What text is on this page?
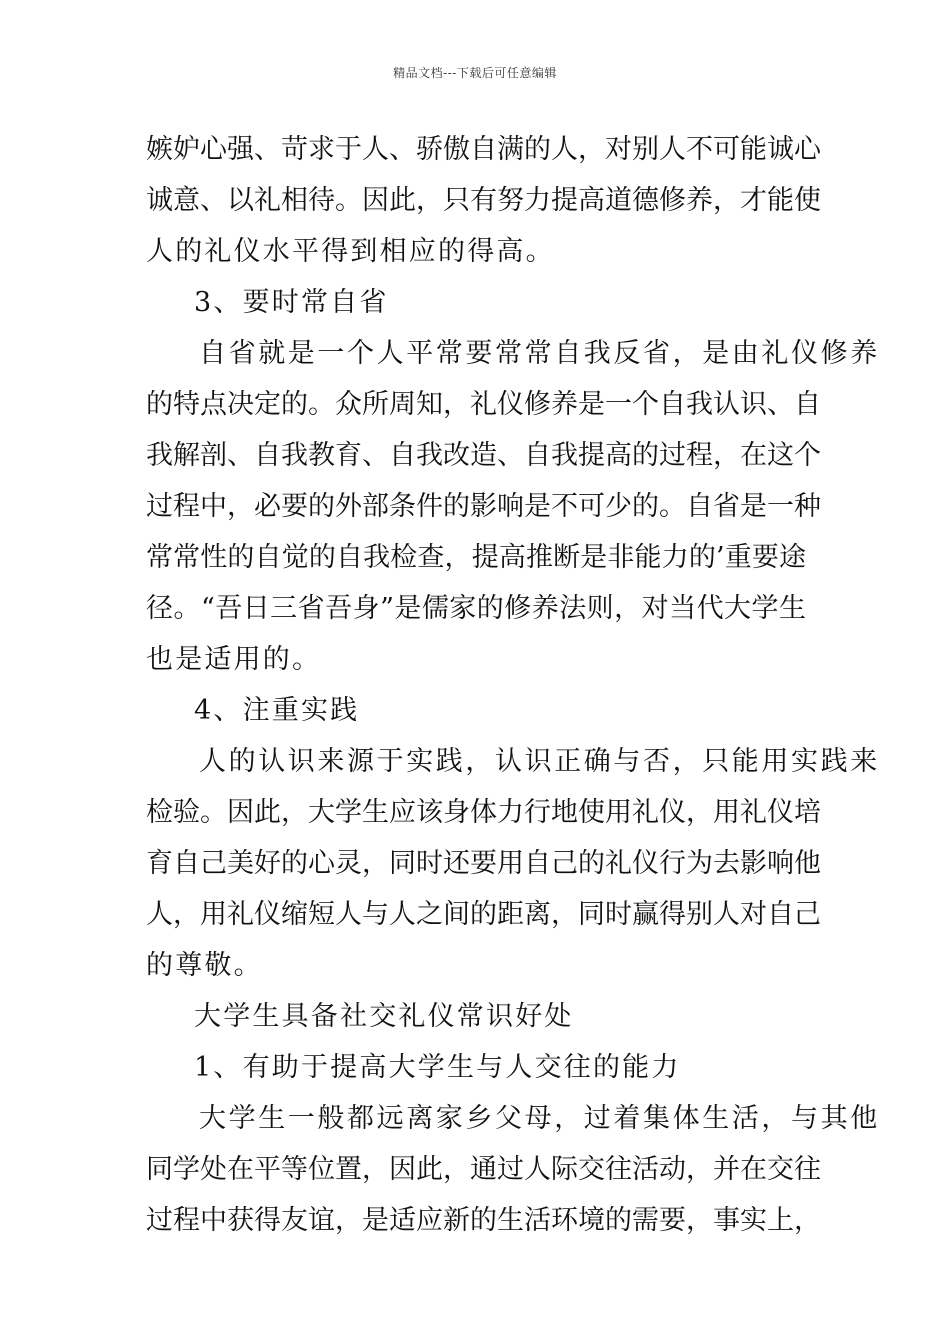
精品文档---下载后可任意编辑
嫉妒心强、苛求于人、骄傲自满的人，对别人不可能诚心
诚意、以礼相待。因此，只有努力提高道德修养，才能使
人的礼仪水平得到相应的得高。
3、要时常自省
自省就是一个人平常要常常自我反省，是由礼仪修养
的特点决定的。众所周知，礼仪修养是一个自我认识、自
我解剖、自我教育、自我改造、自我提高的过程，在这个
过程中，必要的外部条件的影响是不可少的。自省是一种
常常性的自觉的自我检查，提高推断是非能力的’重要途
径。“吾日三省吾身”是儒家的修养法则，对当代大学生
也是适用的。
4、注重实践
人的认识来源于实践，认识正确与否，只能用实践来
检验。因此，大学生应该身体力行地使用礼仪，用礼仪培
育自己美好的心灵，同时还要用自己的礼仪行为去影响他
人，用礼仪缩短人与人之间的距离，同时赢得别人对自己
的尊敬。
大学生具备社交礼仪常识好处
1、有助于提高大学生与人交往的能力
大学生一般都远离家乡父母，过着集体生活，与其他
同学处在平等位置，因此，通过人际交往活动，并在交往
过程中获得友谊，是适应新的生活环境的需要，事实上，
